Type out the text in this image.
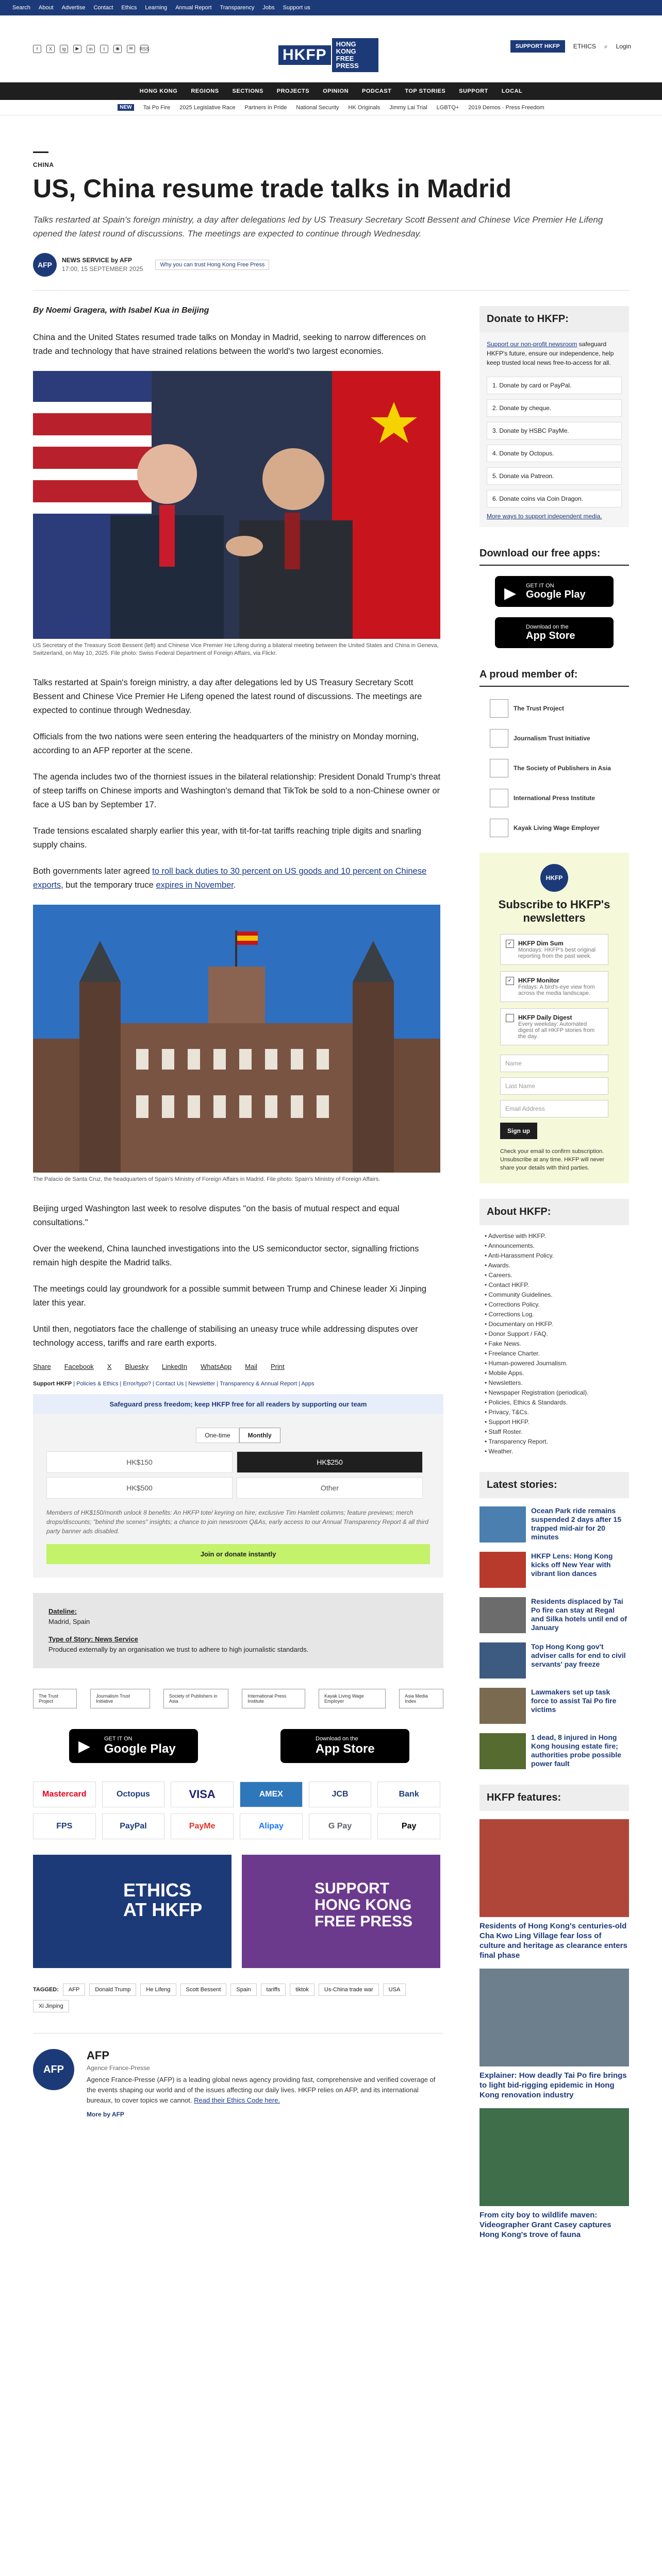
Search About Advertise Contact Ethics Learning Annual Report Transparency Jobs Support us
f	X	ig	▶	in	t	◉	✉	RSS	HKFP
HONG KONG FREE PRESS
SUPPORT HKFP	ETHICS ⌕ Login
HONG KONG REGIONS SECTIONS PROJECTS OPINION PODCAST TOP STORIES SUPPORT LOCAL
NEW	Tai Po Fire 2025 Legislative Race Partners in Pride National Security HK Originals Jimmy Lai Trial LGBTQ+ 2019 Demos · Press Freedom
CHINA
US, China resume trade talks in Madrid
Talks restarted at Spain's foreign ministry, a day after delegations led by US Treasury Secretary Scott Bessent and Chinese Vice Premier He Lifeng opened the latest round of discussions. The meetings are expected to continue through Wednesday.
AFP
NEWS SERVICE by AFP
17:00, 15 SEPTEMBER 2025
Why you can trust Hong Kong Free Press
By Noemi Gragera, with Isabel Kua in Beijing

China and the United States resumed trade talks on Monday in Madrid, seeking to narrow differences on trade and technology that have strained relations between the world's two largest economies.

US Secretary of the Treasury Scott Bessent (left) and Chinese Vice Premier He Lifeng during a bilateral meeting between the United States and China in Geneva, Switzerland, on May 10, 2025. File photo: Swiss Federal Department of Foreign Affairs, via Flickr.

Talks restarted at Spain's foreign ministry, a day after delegations led by US Treasury Secretary Scott Bessent and Chinese Vice Premier He Lifeng opened the latest round of discussions. The meetings are expected to continue through Wednesday.

Officials from the two nations were seen entering the headquarters of the ministry on Monday morning, according to an AFP reporter at the scene.

The agenda includes two of the thorniest issues in the bilateral relationship: President Donald Trump's threat of steep tariffs on Chinese imports and Washington's demand that TikTok be sold to a non-Chinese owner or face a US ban by September 17.

Trade tensions escalated sharply earlier this year, with tit-for-tat tariffs reaching triple digits and snarling supply chains.

Both governments later agreed to roll back duties to 30 percent on US goods and 10 percent on Chinese exports, but the temporary truce expires in November.

The Palacio de Santa Cruz, the headquarters of Spain's Ministry of Foreign Affairs in Madrid. File photo: Spain's Ministry of Foreign Affairs.

Beijing urged Washington last week to resolve disputes "on the basis of mutual respect and equal consultations."

Over the weekend, China launched investigations into the US semiconductor sector, signalling frictions remain high despite the Madrid talks.

The meetings could lay groundwork for a possible summit between Trump and Chinese leader Xi Jinping later this year.

Until then, negotiators face the challenge of stabilising an uneasy truce while addressing disputes over technology access, tariffs and rare earth exports.

Share Facebook X Bluesky LinkedIn WhatsApp Mail Print
Support HKFP | Policies & Ethics | Error/typo? | Contact Us | Newsletter | Transparency & Annual Report | Apps
Safeguard press freedom; keep HKFP free for all readers by supporting our team
One-time	Monthly
HK$150	HK$250
HK$500	Other
Members of HK$150/month unlock 8 benefits: An HKFP tote/ keyring on hire; exclusive Tim Hamlett columns; feature previews; merch drops/discounts; "behind the scenes" insights; a chance to join newsroom Q&As, early access to our Annual Transparency Report & all third party banner ads disabled.
Join or donate instantly
Dateline:
Madrid, Spain
Type of Story: News Service
Produced externally by an organisation we trust to adhere to high journalistic standards.
The Trust Project
Journalism Trust Initiative
Society of Publishers in Asia
International Press Institute
Kayak Living Wage Employer
Asia Media Index
▶ GET IT ON
Google Play
Download on the
App Store
Mastercard	Octopus	VISA	AMEX	JCB	Bank
FPS	PayPal	PayMe	Alipay	G Pay	Pay
ETHICS AT HKFP
SUPPORT HONG KONG FREE PRESS
TAGGED:	AFP	Donald Trump	He Lifeng	Scott Bessent	Spain	tariffs	tiktok	Us-China trade war	USA
Xi Jinping
AFP
AFP
Agence France-Presse

Agence France-Presse (AFP) is a leading global news agency providing fast, comprehensive and verified coverage of the events shaping our world and of the issues affecting our daily lives. HKFP relies on AFP, and its international bureaux, to cover topics we cannot. Read their Ethics Code here.

More by AFP
Donate to HKFP:
Support our non-profit newsroom safeguard HKFP's future, ensure our independence, help keep trusted local news free-to-access for all.
1. Donate by card or PayPal.
2. Donate by cheque.
3. Donate by HSBC PayMe.
4. Donate by Octopus.
5. Donate via Patreon.
6. Donate coins via Coin Dragon.
More ways to support independent media.
Download our free apps:
▶ GET IT ON
Google Play
Download on the
App Store
A proud member of:
The Trust Project
Journalism Trust Initiative
The Society of Publishers in Asia
International Press Institute
Kayak Living Wage Employer
HKFP
Subscribe to HKFP's newsletters
✓ HKFP Dim Sum
Mondays: HKFP's best original reporting from the past week.
✓ HKFP Monitor
Fridays: A bird's-eye view from across the media landscape.
HKFP Daily Digest
Every weekday: Automated digest of all HKFP stories from the day.
Name
Last Name
Email Address
Sign up
Check your email to confirm subscription. Unsubscribe at any time. HKFP will never share your details with third parties.
About HKFP:
• Advertise with HKFP.
• Announcements.
• Anti-Harassment Policy.
• Awards.
• Careers.
• Contact HKFP.
• Community Guidelines.
• Corrections Policy.
• Corrections Log.
• Documentary on HKFP.
• Donor Support / FAQ.
• Fake News.
• Freelance Charter.
• Human-powered Journalism.
• Mobile Apps.
• Newsletters.
• Newspaper Registration (periodical).
• Policies, Ethics & Standards.
• Privacy, T&Cs.
• Support HKFP.
• Staff Roster.
• Transparency Report.
• Weather.
Latest stories:
Ocean Park ride remains suspended 2 days after 15 trapped mid-air for 20 minutes
HKFP Lens: Hong Kong kicks off New Year with vibrant lion dances
Residents displaced by Tai Po fire can stay at Regal and Silka hotels until end of January
Top Hong Kong gov't adviser calls for end to civil servants' pay freeze
Lawmakers set up task force to assist Tai Po fire victims
1 dead, 8 injured in Hong Kong housing estate fire; authorities probe possible power fault
HKFP features:
Residents of Hong Kong's centuries-old Cha Kwo Ling Village fear loss of culture and heritage as clearance enters final phase
Explainer: How deadly Tai Po fire brings to light bid-rigging epidemic in Hong Kong renovation industry
From city boy to wildlife maven: Videographer Grant Casey captures Hong Kong's trove of fauna
